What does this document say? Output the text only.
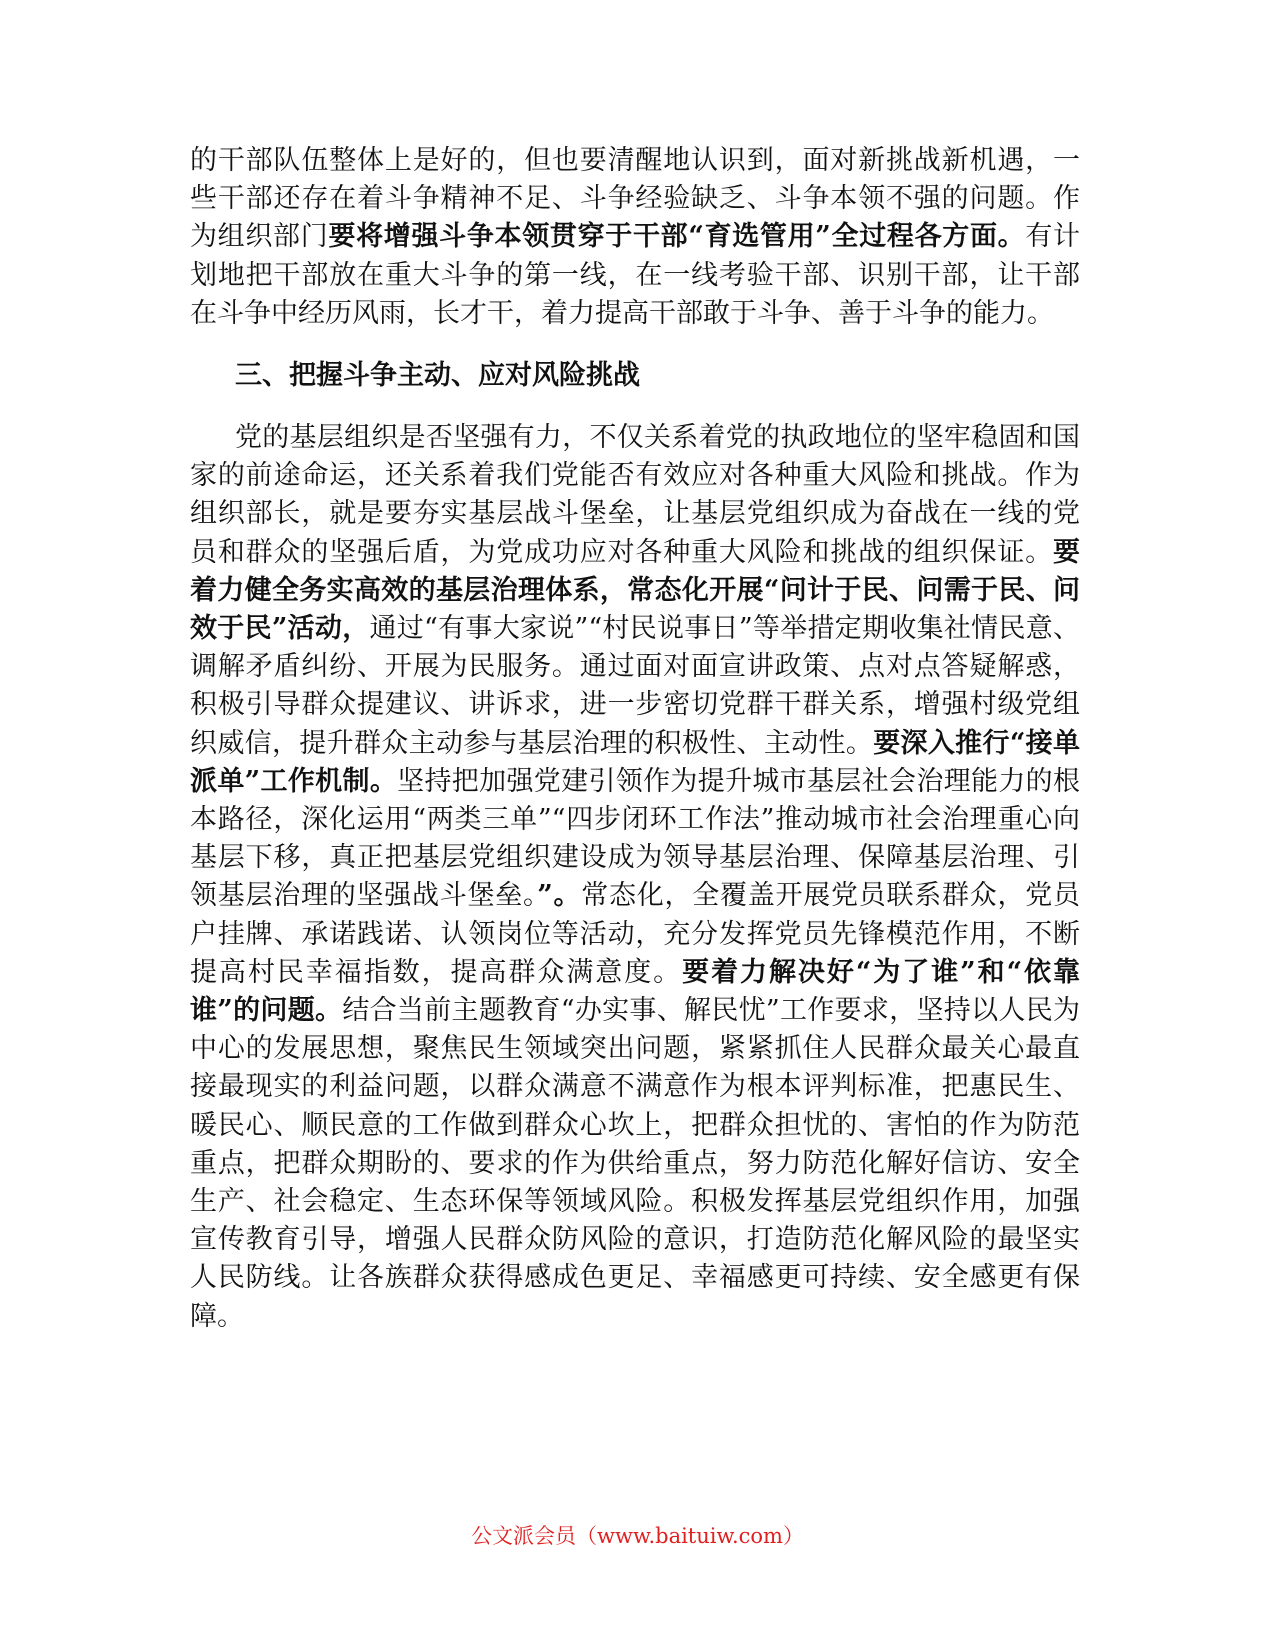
的干部队伍整体上是好的，但也要清醒地认识到，面对新挑战新机遇，一些干部还存在着斗争精神不足、斗争经验缺乏、斗争本领不强的问题。作为组织部门要将增强斗争本领贯穿于干部“育选管用”全过程各方面。有计划地把干部放在重大斗争的第一线，在一线考验干部、识别干部，让干部在斗争中经历风雨，长才干，着力提高干部敢于斗争、善于斗争的能力。

三、把握斗争主动、应对风险挑战

党的基层组织是否坚强有力，不仅关系着党的执政地位的坚牢稳固和国家的前途命运，还关系着我们党能否有效应对各种重大风险和挑战。作为组织部长，就是要夯实基层战斗堡垒，让基层党组织成为奋战在一线的党员和群众的坚强后盾，为党成功应对各种重大风险和挑战的组织保证。要着力健全务实高效的基层治理体系，常态化开展“问计于民、问需于民、问效于民”活动，通过“有事大家说”“村民说事日”等举措定期收集社情民意、调解矛盾纠纷、开展为民服务。通过面对面宣讲政策、点对点答疑解惑，积极引导群众提建议、讲诉求，进一步密切党群干群关系，增强村级党组织威信，提升群众主动参与基层治理的积极性、主动性。要深入推行“接单派单”工作机制。坚持把加强党建引领作为提升城市基层社会治理能力的根本路径，深化运用“两类三单”“四步闭环工作法”推动城市社会治理重心向基层下移，真正把基层党组织建设成为领导基层治理、保障基层治理、引领基层治理的坚强战斗堡垒。”。常态化，全覆盖开展党员联系群众，党员户挂牌、承诺践诺、认领岗位等活动，充分发挥党员先锋模范作用，不断提高村民幸福指数，提高群众满意度。要着力解决好“为了谁”和“依靠谁”的问题。结合当前主题教育“办实事、解民忧”工作要求，坚持以人民为中心的发展思想，聚焦民生领域突出问题，紧紧抓住人民群众最关心最直接最现实的利益问题，以群众满意不满意作为根本评判标准，把惠民生、暖民心、顺民意的工作做到群众心坎上，把群众担忧的、害怕的作为防范重点，把群众期盼的、要求的作为供给重点，努力防范化解好信访、安全生产、社会稳定、生态环保等领域风险。积极发挥基层党组织作用，加强宣传教育引导，增强人民群众防风险的意识，打造防范化解风险的最坚实人民防线。让各族群众获得感成色更足、幸福感更可持续、安全感更有保障。

公文派会员（www.baituiw.com）
